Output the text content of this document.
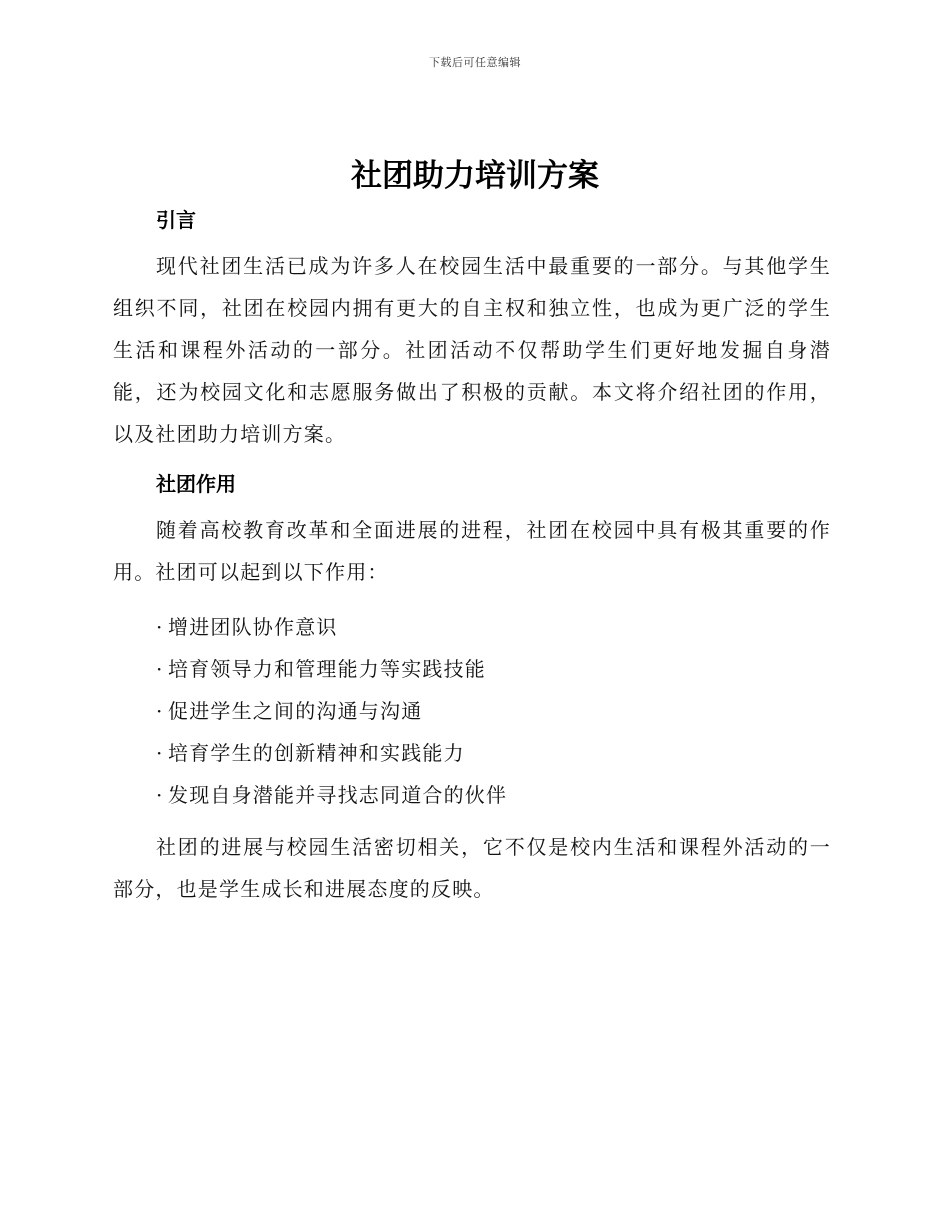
下载后可任意编辑
社团助力培训方案
引言

现代社团生活已成为许多人在校园生活中最重要的一部分。与其他学生组织不同，社团在校园内拥有更大的自主权和独立性，也成为更广泛的学生生活和课程外活动的一部分。社团活动不仅帮助学生们更好地发掘自身潜能，还为校园文化和志愿服务做出了积极的贡献。本文将介绍社团的作用，以及社团助力培训方案。

社团作用

随着高校教育改革和全面进展的进程，社团在校园中具有极其重要的作用。社团可以起到以下作用：

· 增进团队协作意识
· 培育领导力和管理能力等实践技能
· 促进学生之间的沟通与沟通
· 培育学生的创新精神和实践能力
· 发现自身潜能并寻找志同道合的伙伴

社团的进展与校园生活密切相关，它不仅是校内生活和课程外活动的一部分，也是学生成长和进展态度的反映。
